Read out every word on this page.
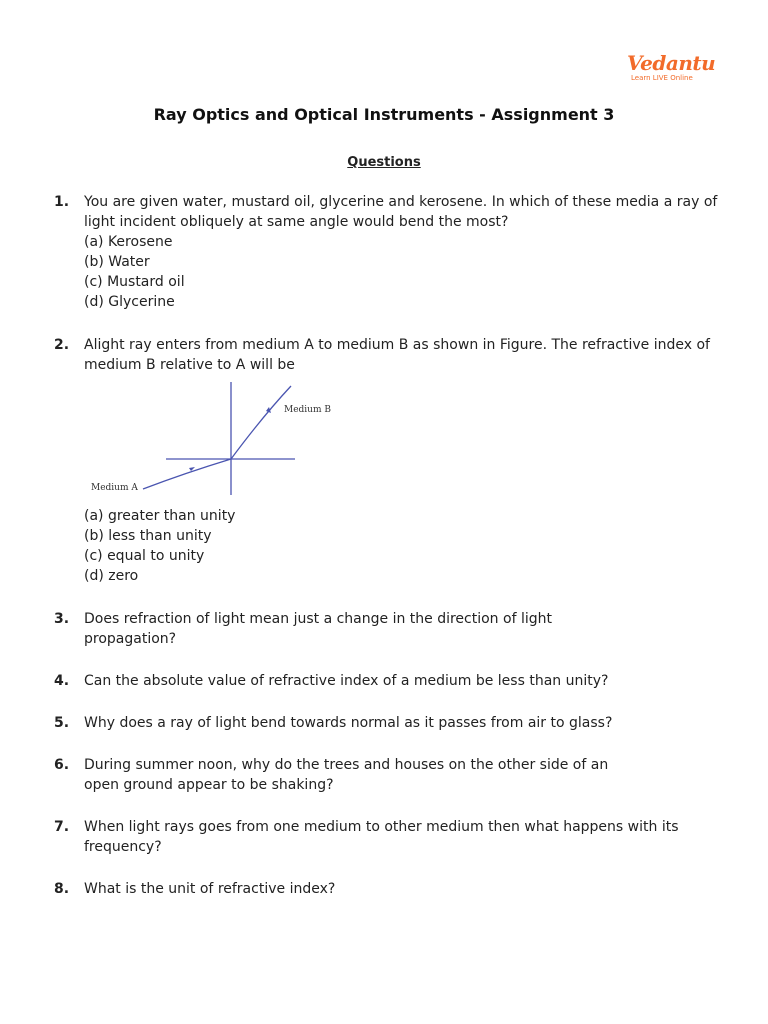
Vedantu
Learn LIVE Online
Ray Optics and Optical Instruments - Assignment 3
Questions
1.	You are given water, mustard oil, glycerine and kerosene. In which of these media a ray of light incident obliquely at same angle would bend the most?
(a) Kerosene
(b) Water
(c) Mustard oil
(d) Glycerine
2.	Alight ray enters from medium A to medium B as shown in Figure. The refractive index of medium B relative to A will be
Medium A
Medium B
(a) greater than unity
(b) less than unity
(c) equal to unity
(d) zero
3.	Does refraction of light mean just a change in the direction of light propagation?
4.	Can the absolute value of refractive index of a medium be less than unity?
5.	Why does a ray of light bend towards normal as it passes from air to glass?
6.	During summer noon, why do the trees and houses on the other side of an open ground appear to be shaking?
7.	When light rays goes from one medium to other medium then what happens with its frequency?
8.	What is the unit of refractive index?
